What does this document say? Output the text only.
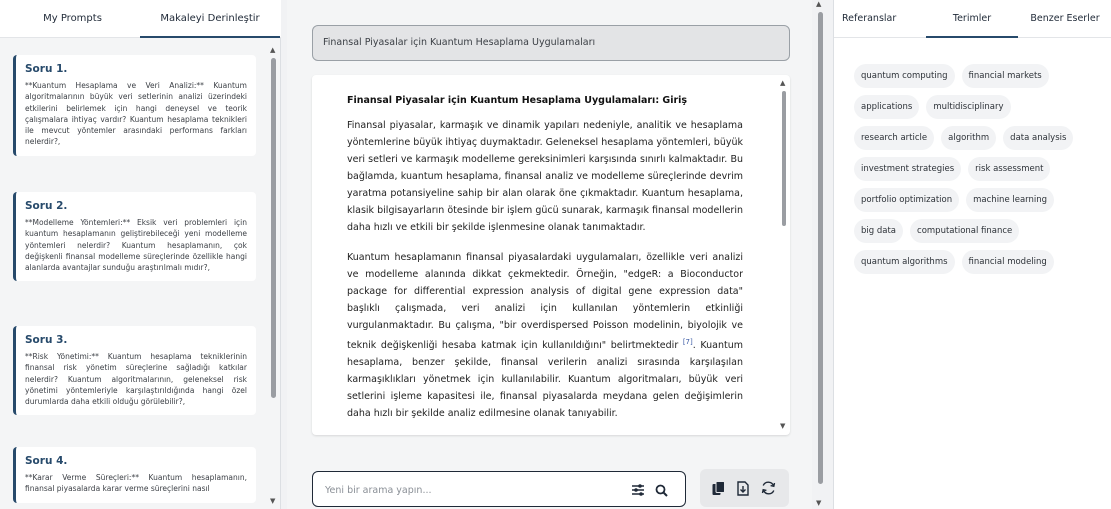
My Prompts	Makaleyi Derinleştir
Soru 1.
**Kuantum Hesaplama ve Veri Analizi:** Kuantum algoritmalarının büyük veri setlerinin analizi üzerindeki etkilerini belirlemek için hangi deneysel ve teorik çalışmalara ihtiyaç vardır? Kuantum hesaplama teknikleri ile mevcut yöntemler arasındaki performans farkları nelerdir?,
Soru 2.
**Modelleme Yöntemleri:** Eksik veri problemleri için kuantum hesaplamanın geliştirebileceği yeni modelleme yöntemleri nelerdir? Kuantum hesaplamanın, çok değişkenli finansal modelleme süreçlerinde özellikle hangi alanlarda avantajlar sunduğu araştırılmalı mıdır?,
Soru 3.
**Risk Yönetimi:** Kuantum hesaplama tekniklerinin finansal risk yönetim süreçlerine sağladığı katkılar nelerdir? Kuantum algoritmalarının, geleneksel risk yönetimi yöntemleriyle karşılaştırıldığında hangi özel durumlarda daha etkili olduğu görülebilir?,
Soru 4.
**Karar Verme Süreçleri:** Kuantum hesaplamanın, finansal piyasalarda karar verme süreçlerini nasıl
▲
▼
Finansal Piyasalar için Kuantum Hesaplama Uygulamaları
Finansal Piyasalar için Kuantum Hesaplama Uygulamaları: Giriş

Finansal piyasalar, karmaşık ve dinamik yapıları nedeniyle, analitik ve hesaplama yöntemlerine büyük ihtiyaç duymaktadır. Geleneksel hesaplama yöntemleri, büyük veri setleri ve karmaşık modelleme gereksinimleri karşısında sınırlı kalmaktadır. Bu bağlamda, kuantum hesaplama, finansal analiz ve modelleme süreçlerinde devrim yaratma potansiyeline sahip bir alan olarak öne çıkmaktadır. Kuantum hesaplama, klasik bilgisayarların ötesinde bir işlem gücü sunarak, karmaşık finansal modellerin daha hızlı ve etkili bir şekilde işlenmesine olanak tanımaktadır.

Kuantum hesaplamanın finansal piyasalardaki uygulamaları, özellikle veri analizi ve modelleme alanında dikkat çekmektedir. Örneğin, "edgeR: a Bioconductor package for differential expression analysis of digital gene expression data" başlıklı çalışmada, veri analizi için kullanılan yöntemlerin etkinliği vurgulanmaktadır. Bu çalışma, "bir overdispersed Poisson modelinin, biyolojik ve teknik değişkenliği hesaba katmak için kullanıldığını" belirtmektedir [7]. Kuantum hesaplama, benzer şekilde, finansal verilerin analizi sırasında karşılaşılan karmaşıklıkları yönetmek için kullanılabilir. Kuantum algoritmaları, büyük veri setlerini işleme kapasitesi ile, finansal piyasalarda meydana gelen değişimlerin daha hızlı bir şekilde analiz edilmesine olanak tanıyabilir.

▲
▼
Yeni bir arama yapın...
▲
▼
Referanslar	Terimler	Benzer Eserler
quantum computing	financial markets
applications	multidisciplinary
research article	algorithm	data analysis
investment strategies	risk assessment
portfolio optimization	machine learning
big data	computational finance
quantum algorithms	financial modeling
